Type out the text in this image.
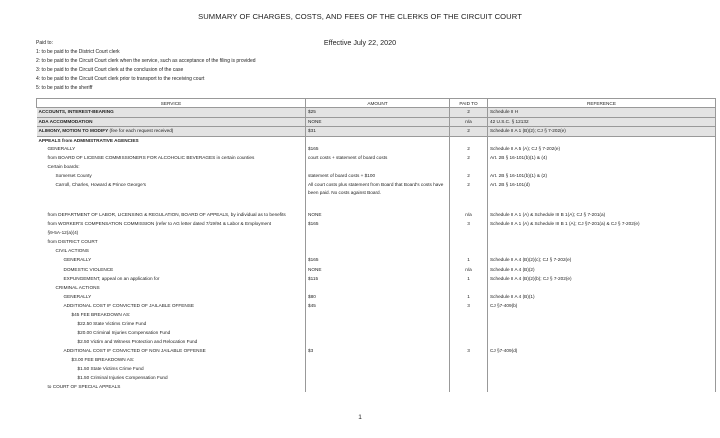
SUMMARY OF CHARGES, COSTS, AND FEES OF THE CLERKS OF THE CIRCUIT COURT
Effective July 22, 2020
Paid to:
1: to be paid to the District Court clerk
2: to be paid to the Circuit Court clerk when the service, such as acceptance of the filing is provided
3: to be paid to the Circuit Court clerk at the conclusion of the case
4: to be paid to the Circuit Court clerk prior to transport to the receiving court
5: to be paid to the sheriff
SERVICE	AMOUNT	PAID TO	REFERENCE
ACCOUNTS, INTEREST-BEARING	$25	2	Schedule II H
ADA ACCOMMODATION	NONE	n/a	42 U.S.C. § 12132
ALIMONY, MOTION TO MODIFY (fee for each request received)	$31	2	Schedule II A 1 (B)(2); CJ § 7-202(e)
APPEALS from ADMINISTRATIVE AGENCIES			
GENERALLY	$165	2	Schedule II A 5 (A); CJ § 7-202(e)
from BOARD OF LICENSE COMMISSIONERS FOR ALCOHOLIC BEVERAGES in certain counties	court costs + statement of board costs	2	Art. 2B § 16-101(b)(1) & (4)
Certain boards:			
Somerset County	statement of board costs + $100	2	Art. 2B § 16-101(b)(1) & (2)
Carroll, Charles, Howard & Prince George's	All court costs plus statement from Board that Board's costs have been paid. No costs against Board.	2	Art. 2B § 16-101(d)
from DEPARTMENT OF LABOR, LICENSING & REGULATION, BOARD OF APPEALS, by individual as to benefits	NONE	n/a	Schedule II A 1 (A) & Schedule III B 1(A); CJ § 7-201(a)
from WORKER'S COMPENSATION COMMISSION (refer to AG letter dated 7/19/94 & Labor & Employment	$165	3	Schedule II A 1 (A) & Schedule III B 1 (A); CJ §7-201(a) & CJ § 7-202(e)
§9-5A-12(a)(4)			
from DISTRICT COURT			
CIVIL ACTIONS			
GENERALLY	$165	1	Schedule II A 4 (B)(2)(c); CJ § 7-202(e)
DOMESTIC VIOLENCE	NONE	n/a	Schedule II A 4 (B)(2)
EXPUNGEMENT, appeal on an application for	$115	1	Schedule II A 4 (B)(2)(b); CJ § 7-202(e)
CRIMINAL ACTIONS			
GENERALLY	$80	1	Schedule II A 4 (B)(1)
ADDITIONAL COST IF CONVICTED OF JAILABLE OFFENSE	$45	3	CJ §7-409(b)
$45 FEE BREAKDOWN AS:			
$22.50 State Victims Crime Fund			
$20.00 Criminal Injuries Compensation Fund			
$2.50 Victim and Witness Protection and Relocation Fund			
ADDITIONAL COST IF CONVICTED OF NON JAILABLE OFFENSE	$3	3	CJ §7-409(d)
$3.00 FEE BREAKDOWN AS:			
$1.50 State Victims Crime Fund			
$1.50 Criminal Injuries Compensation Fund			
to COURT OF SPECIAL APPEALS			
1
